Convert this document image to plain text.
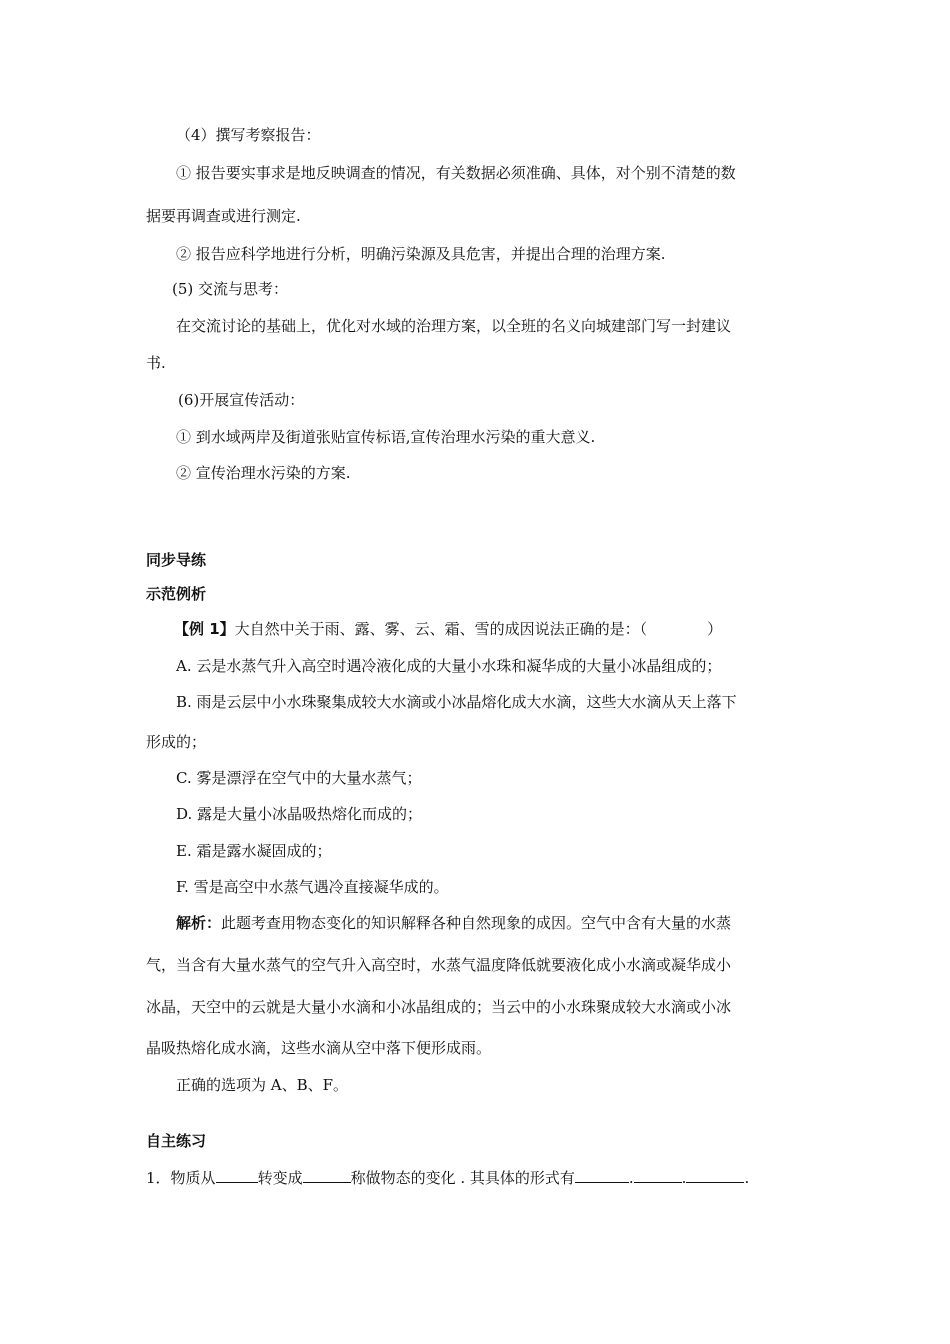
（4）撰写考察报告：
① 报告要实事求是地反映调查的情况，有关数据必须准确、具体，对个别不清楚的数
据要再调查或进行测定.
② 报告应科学地进行分析，明确污染源及具危害，并提出合理的治理方案.
(5) 交流与思考：
在交流讨论的基础上，优化对水域的治理方案，以全班的名义向城建部门写一封建议
书.
(6)开展宣传活动：
① 到水域两岸及街道张贴宣传标语,宣传治理水污染的重大意义.
② 宣传治理水污染的方案.
同步导练
示范例析
【例 1】大自然中关于雨、露、雾、云、霜、雪的成因说法正确的是：（　　　　）
A. 云是水蒸气升入高空时遇冷液化成的大量小水珠和凝华成的大量小冰晶组成的；
B. 雨是云层中小水珠聚集成较大水滴或小冰晶熔化成大水滴，这些大水滴从天上落下
形成的；
C. 雾是漂浮在空气中的大量水蒸气；
D. 露是大量小冰晶吸热熔化而成的；
E. 霜是露水凝固成的；
F. 雪是高空中水蒸气遇冷直接凝华成的。
解析：此题考查用物态变化的知识解释各种自然现象的成因。空气中含有大量的水蒸
气，当含有大量水蒸气的空气升入高空时，水蒸气温度降低就要液化成小水滴或凝华成小
冰晶，天空中的云就是大量小水滴和小冰晶组成的；当云中的小水珠聚成较大水滴或小冰
晶吸热熔化成水滴，这些水滴从空中落下便形成雨。
正确的选项为 A、B、F。
自主练习
1．物质从	转变成	称做物态的变化 . 其具体的形式有	.	.	.
